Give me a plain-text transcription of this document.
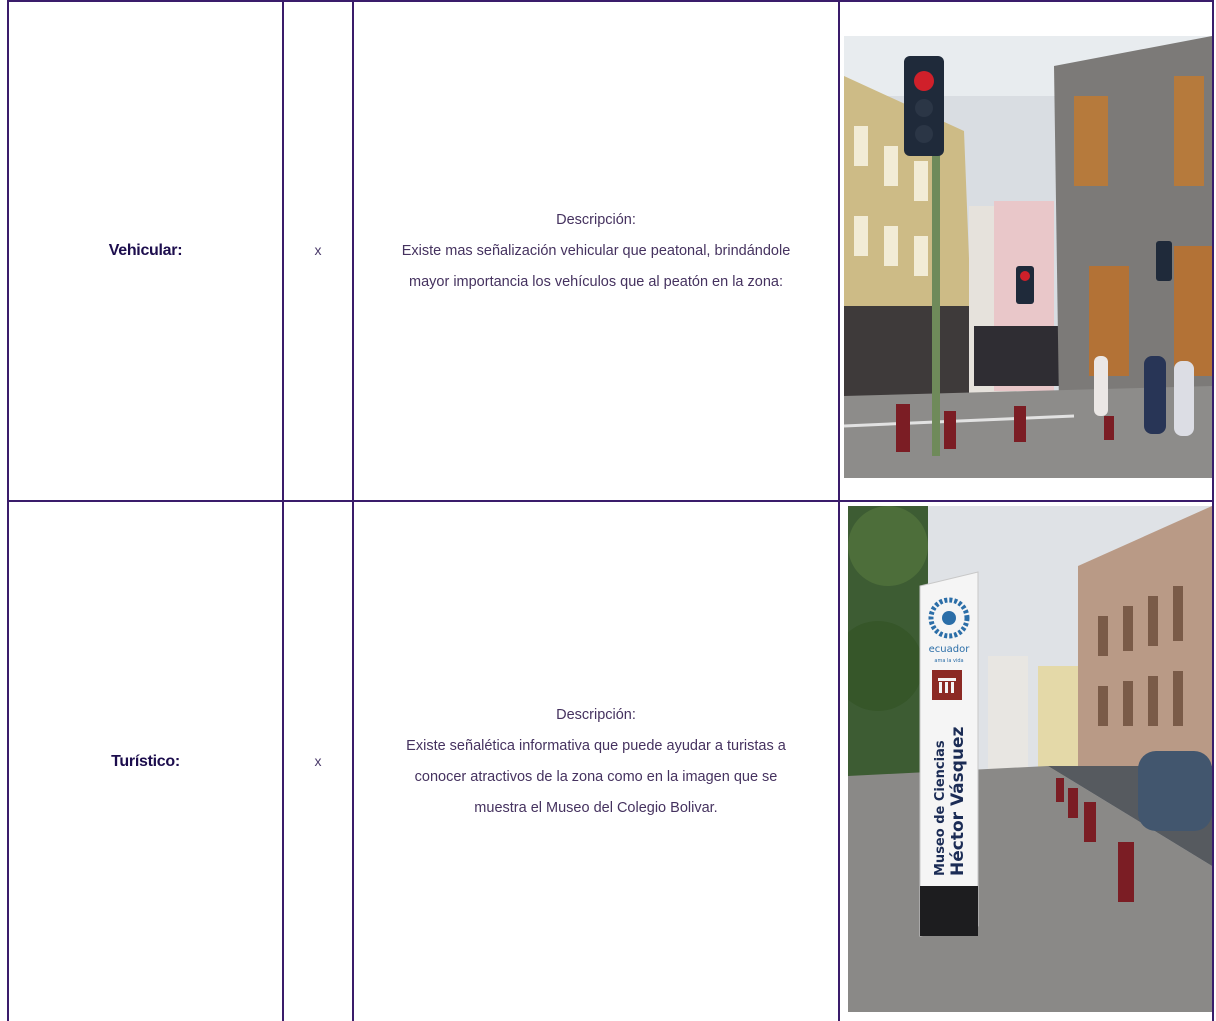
Vehicular:	x	Descripción:
Existe mas señalización vehicular que peatonal, brindándole
mayor importancia los vehículos que al peatón en la zona:

Turístico:	x	Descripción:
Existe señalética informativa que puede ayudar a turistas a
conocer atractivos de la zona como en la imagen que se
muestra el Museo del Colegio Bolivar.	ecuador
ama la vida
Museo de Ciencias Héctor Vásquez
